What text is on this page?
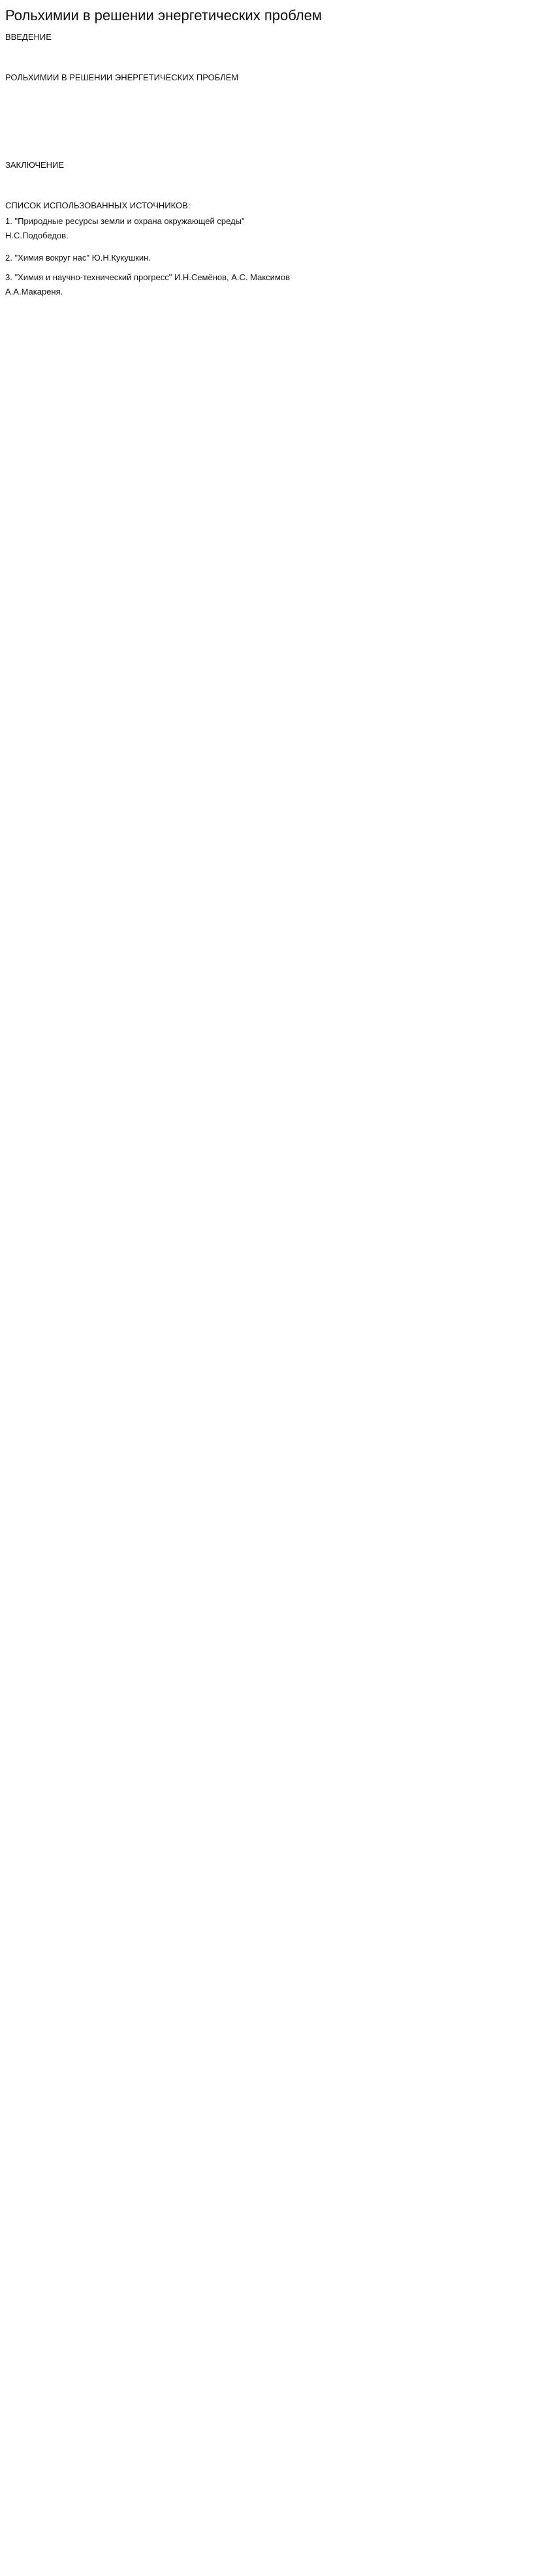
Рольхимии в решении энергетических проблем
ВВЕДЕНИЕ

РОЛЬХИМИИ В РЕШЕНИИ ЭНЕРГЕТИЧЕСКИХ ПРОБЛЕМ

ЗАКЛЮЧЕНИЕ

СПИСОК ИСПОЛЬЗОВАННЫХ ИСТОЧНИКОВ:
1. "Природные ресурсы земли и охрана окружающей среды"
Н.С.Подобедов.
2. "Химия вокруг нас" Ю.Н.Кукушкин.
3. "Химия и научно-технический прогресс" И.Н.Семёнов, А.С. Максимов
А.А.Макареня.
